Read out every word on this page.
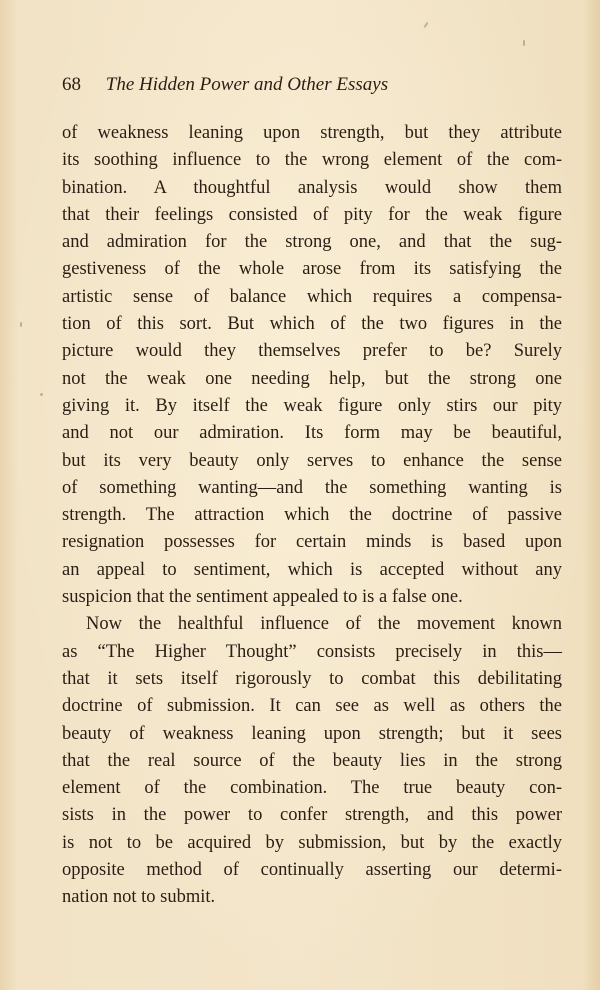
68 The Hidden Power and Other Essays
of weakness leaning upon strength, but they attribute
its soothing influence to the wrong element of the com-
bination. A thoughtful analysis would show them
that their feelings consisted of pity for the weak figure
and admiration for the strong one, and that the sug-
gestiveness of the whole arose from its satisfying the
artistic sense of balance which requires a compensa-
tion of this sort. But which of the two figures in the
picture would they themselves prefer to be? Surely
not the weak one needing help, but the strong one
giving it. By itself the weak figure only stirs our pity
and not our admiration. Its form may be beautiful,
but its very beauty only serves to enhance the sense
of something wanting—and the something wanting is
strength. The attraction which the doctrine of passive
resignation possesses for certain minds is based upon
an appeal to sentiment, which is accepted without any
suspicion that the sentiment appealed to is a false one.
Now the healthful influence of the movement known
as “The Higher Thought” consists precisely in this—
that it sets itself rigorously to combat this debilitating
doctrine of submission. It can see as well as others the
beauty of weakness leaning upon strength; but it sees
that the real source of the beauty lies in the strong
element of the combination. The true beauty con-
sists in the power to confer strength, and this power
is not to be acquired by submission, but by the exactly
opposite method of continually asserting our determi-
nation not to submit.
